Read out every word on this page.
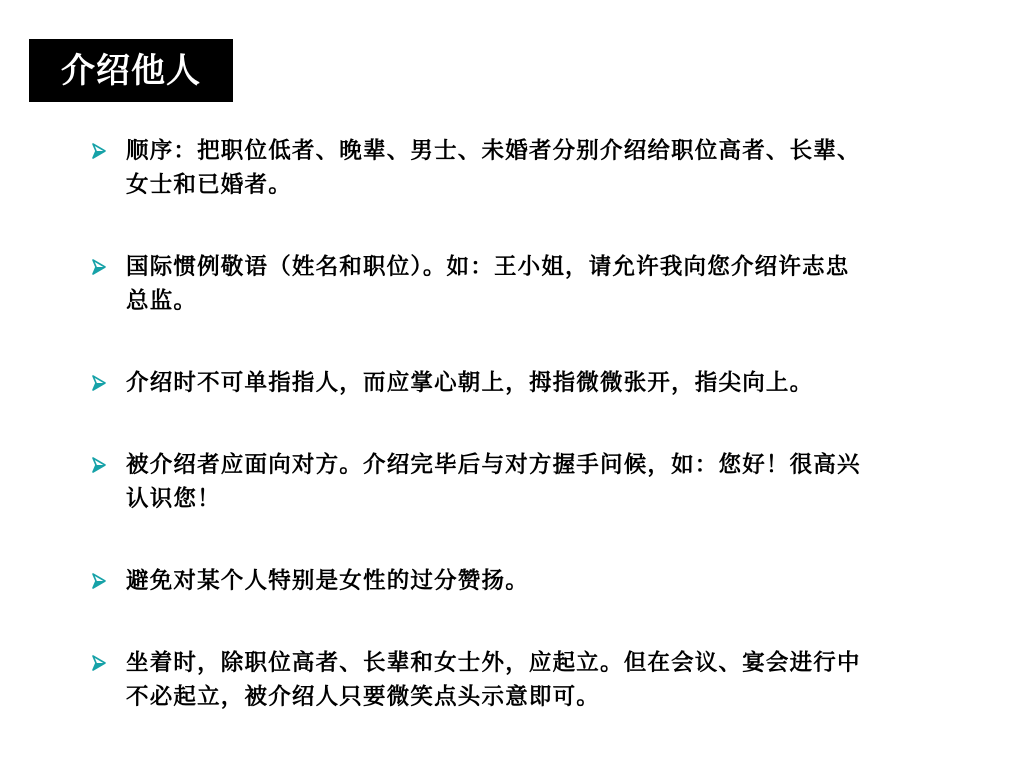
介绍他人
顺序：把职位低者、晚辈、男士、未婚者分别介绍给职位高者、长辈、女士和已婚者。
国际惯例敬语（姓名和职位）。如：王小姐，请允许我向您介绍许志忠总监。
介绍时不可单指指人，而应掌心朝上，拇指微微张开，指尖向上。
被介绍者应面向对方。介绍完毕后与对方握手问候，如：您好！很高兴认识您！
避免对某个人特别是女性的过分赞扬。
坐着时，除职位高者、长辈和女士外，应起立。但在会议、宴会进行中不必起立，被介绍人只要微笑点头示意即可。
